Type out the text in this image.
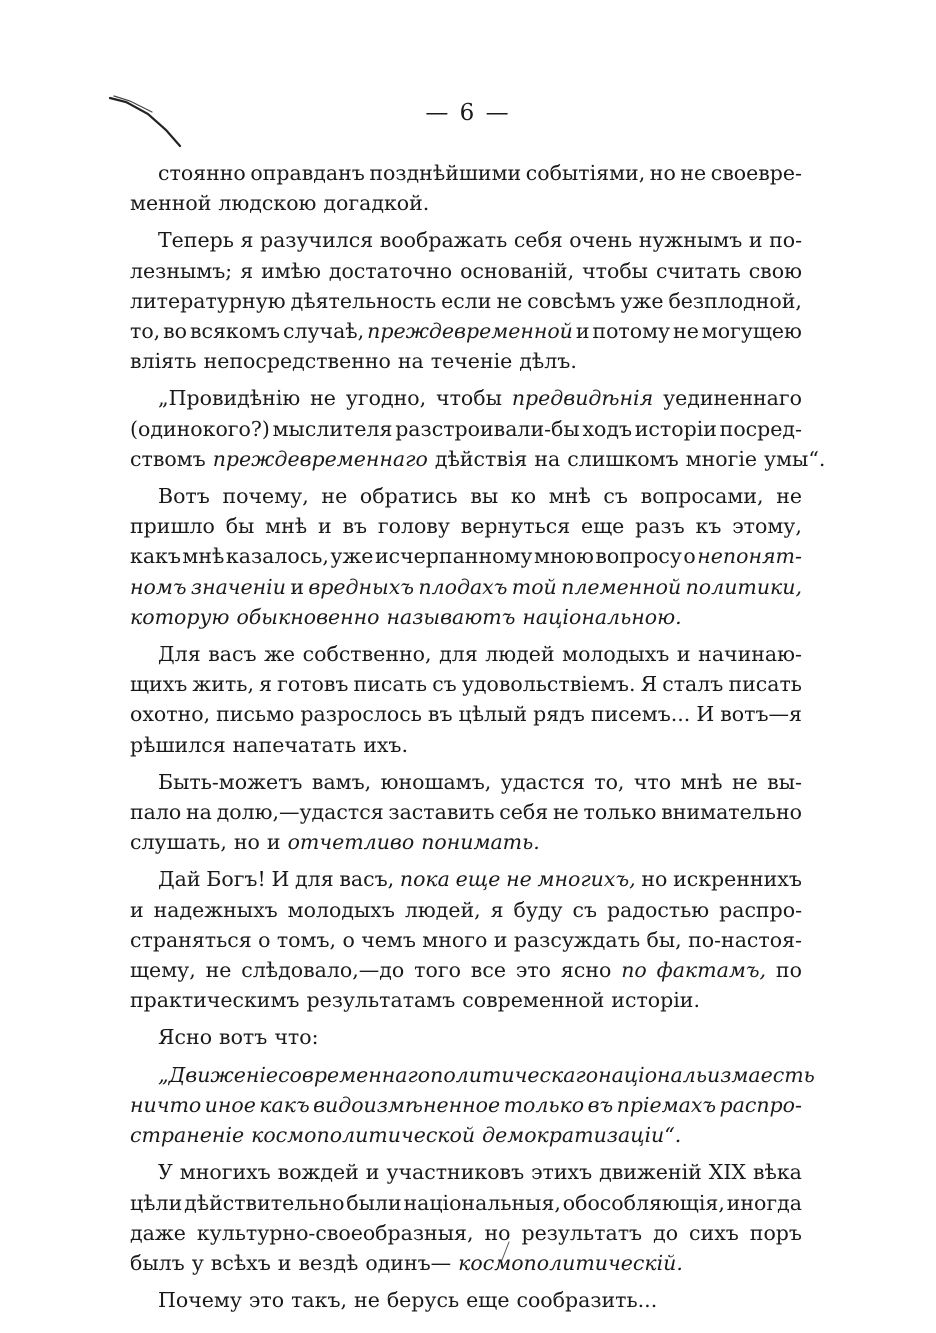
— 6 —
стоянно оправданъ позднѣйшими событіями, но не своевре-
менной людскою догадкой.
Теперь я разучился воображать себя очень нужнымъ и по-
лезнымъ; я имѣю достаточно основаній, чтобы считать свою
литературную дѣятельность если не совсѣмъ уже безплодной,
то, во всякомъ случаѣ, преждевременной и потому не могущею
вліять непосредственно на теченіе дѣлъ.
„Провидѣнію не угодно, чтобы предвидѣнія уединеннаго
(одинокого?) мыслителя разстроивали-бы ходъ исторіи посред-
ствомъ преждевременнаго дѣйствія на слишкомъ многіе умы“.
Вотъ почему, не обратись вы ко мнѣ съ вопросами, не
пришло бы мнѣ и въ голову вернуться еще разъ къ этому,
какъ мнѣ казалось, уже исчерпанному мною вопросу о непонят-
номъ значеніи и вредныхъ плодахъ той племенной политики,
которую обыкновенно называютъ національною.
Для васъ же собственно, для людей молодыхъ и начинаю-
щихъ жить, я готовъ писать съ удовольствіемъ. Я сталъ писать
охотно, письмо разрослось въ цѣлый рядъ писемъ... И вотъ—я
рѣшился напечатать ихъ.
Быть-можетъ вамъ, юношамъ, удастся то, что мнѣ не вы-
пало на долю,—удастся заставить себя не только внимательно
слушать, но и отчетливо понимать.
Дай Богъ! И для васъ, пока еще не многихъ, но искреннихъ
и надежныхъ молодыхъ людей, я буду съ радостью распро-
страняться о томъ, о чемъ много и разсуждать бы, по-настоя-
щему, не слѣдовало,—до того все это ясно по фактамъ, по
практическимъ результатамъ современной исторіи.
Ясно вотъ что:
„Движеніе современнаго политическаго національизма есть
ничто иное какъ видоизмѣненное только въ пріемахъ распро-
страненіе космополитической демократизаціи“.
У многихъ вождей и участниковъ этихъ движеній XIX вѣка
цѣли дѣйствительно были національныя, обособляющія, иногда
даже культурно-своеобразныя, но результатъ до сихъ поръ
былъ у всѣхъ и вездѣ одинъ— космополитическій.
Почему это такъ, не берусь еще сообразить...
